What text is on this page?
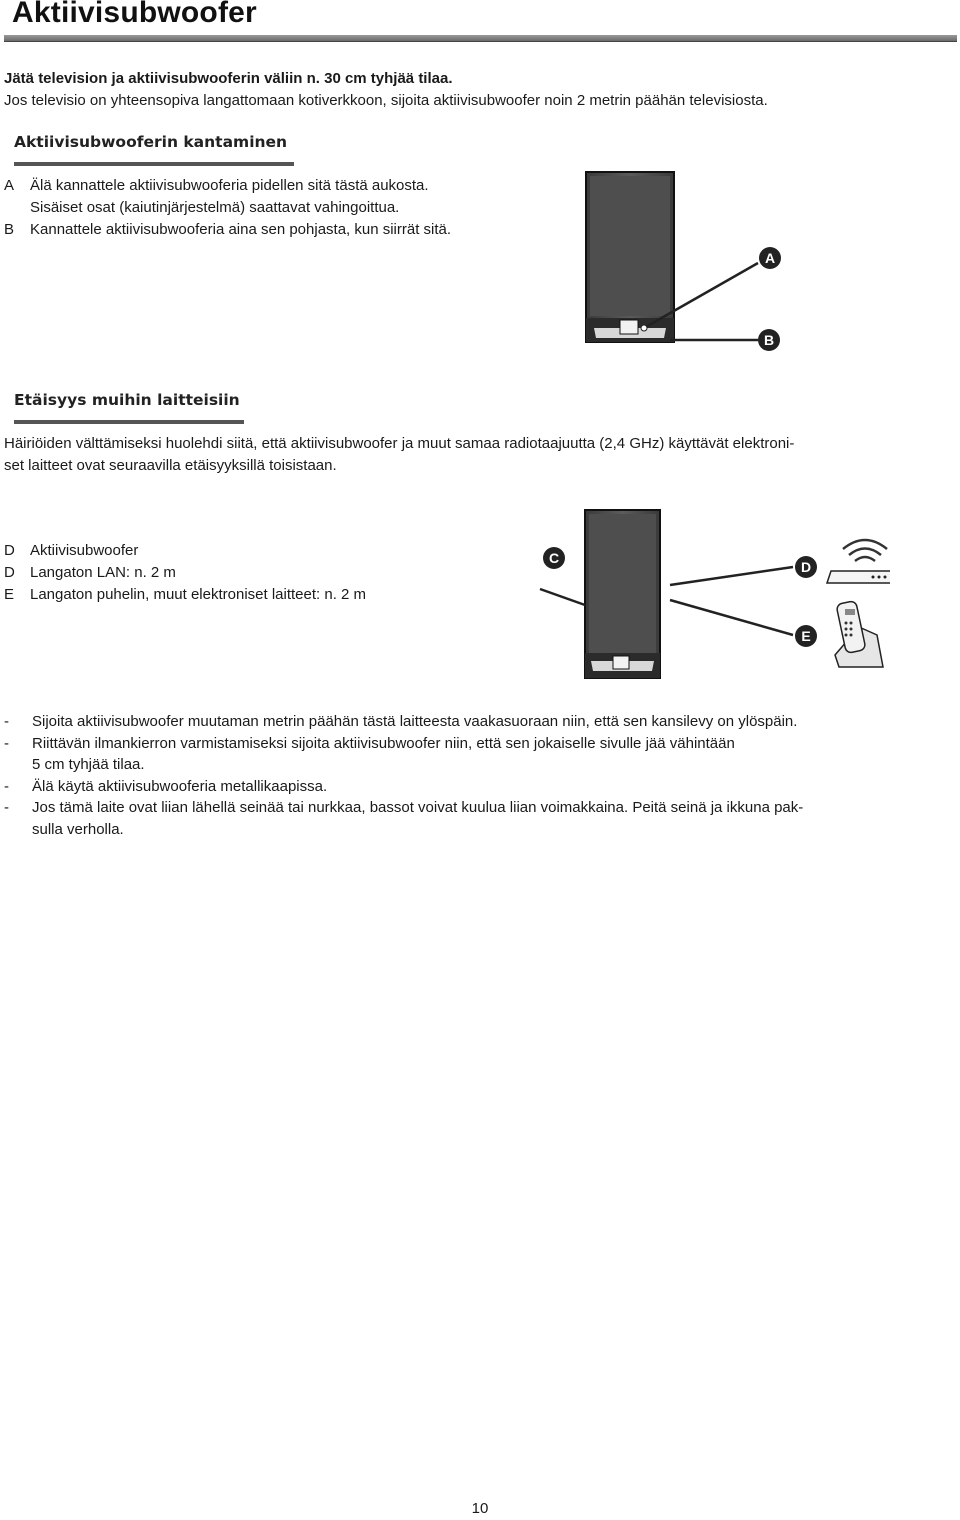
Aktiivisubwoofer
Jätä television ja aktiivisubwooferin väliin n. 30 cm tyhjää tilaa.
Jos televisio on yhteensopiva langattomaan kotiverkkoon, sijoita aktiivisubwoofer noin 2 metrin päähän televisiosta.
Aktiivisubwooferin kantaminen
A Älä kannattele aktiivisubwooferia pidellen sitä tästä aukosta.
Sisäiset osat (kaiutinjärjestelmä) saattavat vahingoittua.
B Kannattele aktiivisubwooferia aina sen pohjasta, kun siirrät sitä.
A
B
Etäisyys muihin laitteisiin
Häiriöiden välttämiseksi huolehdi siitä, että aktiivisubwoofer ja muut samaa radiotaajuutta (2,4 GHz) käyttävät elektroni-
set laitteet ovat seuraavilla etäisyyksillä toisistaan.
D Aktiivisubwoofer
D Langaton LAN: n. 2 m
E Langaton puhelin, muut elektroniset laitteet: n. 2 m
C
D
E
- Sijoita aktiivisubwoofer muutaman metrin päähän tästä laitteesta vaakasuoraan niin, että sen kansilevy on ylöspäin.
- Riittävän ilmankierron varmistamiseksi sijoita aktiivisubwoofer niin, että sen jokaiselle sivulle jää vähintään
5 cm tyhjää tilaa.
- Älä käytä aktiivisubwooferia metallikaapissa.
- Jos tämä laite ovat liian lähellä seinää tai nurkkaa, bassot voivat kuulua liian voimakkaina. Peitä seinä ja ikkuna pak-
sulla verholla.
10
